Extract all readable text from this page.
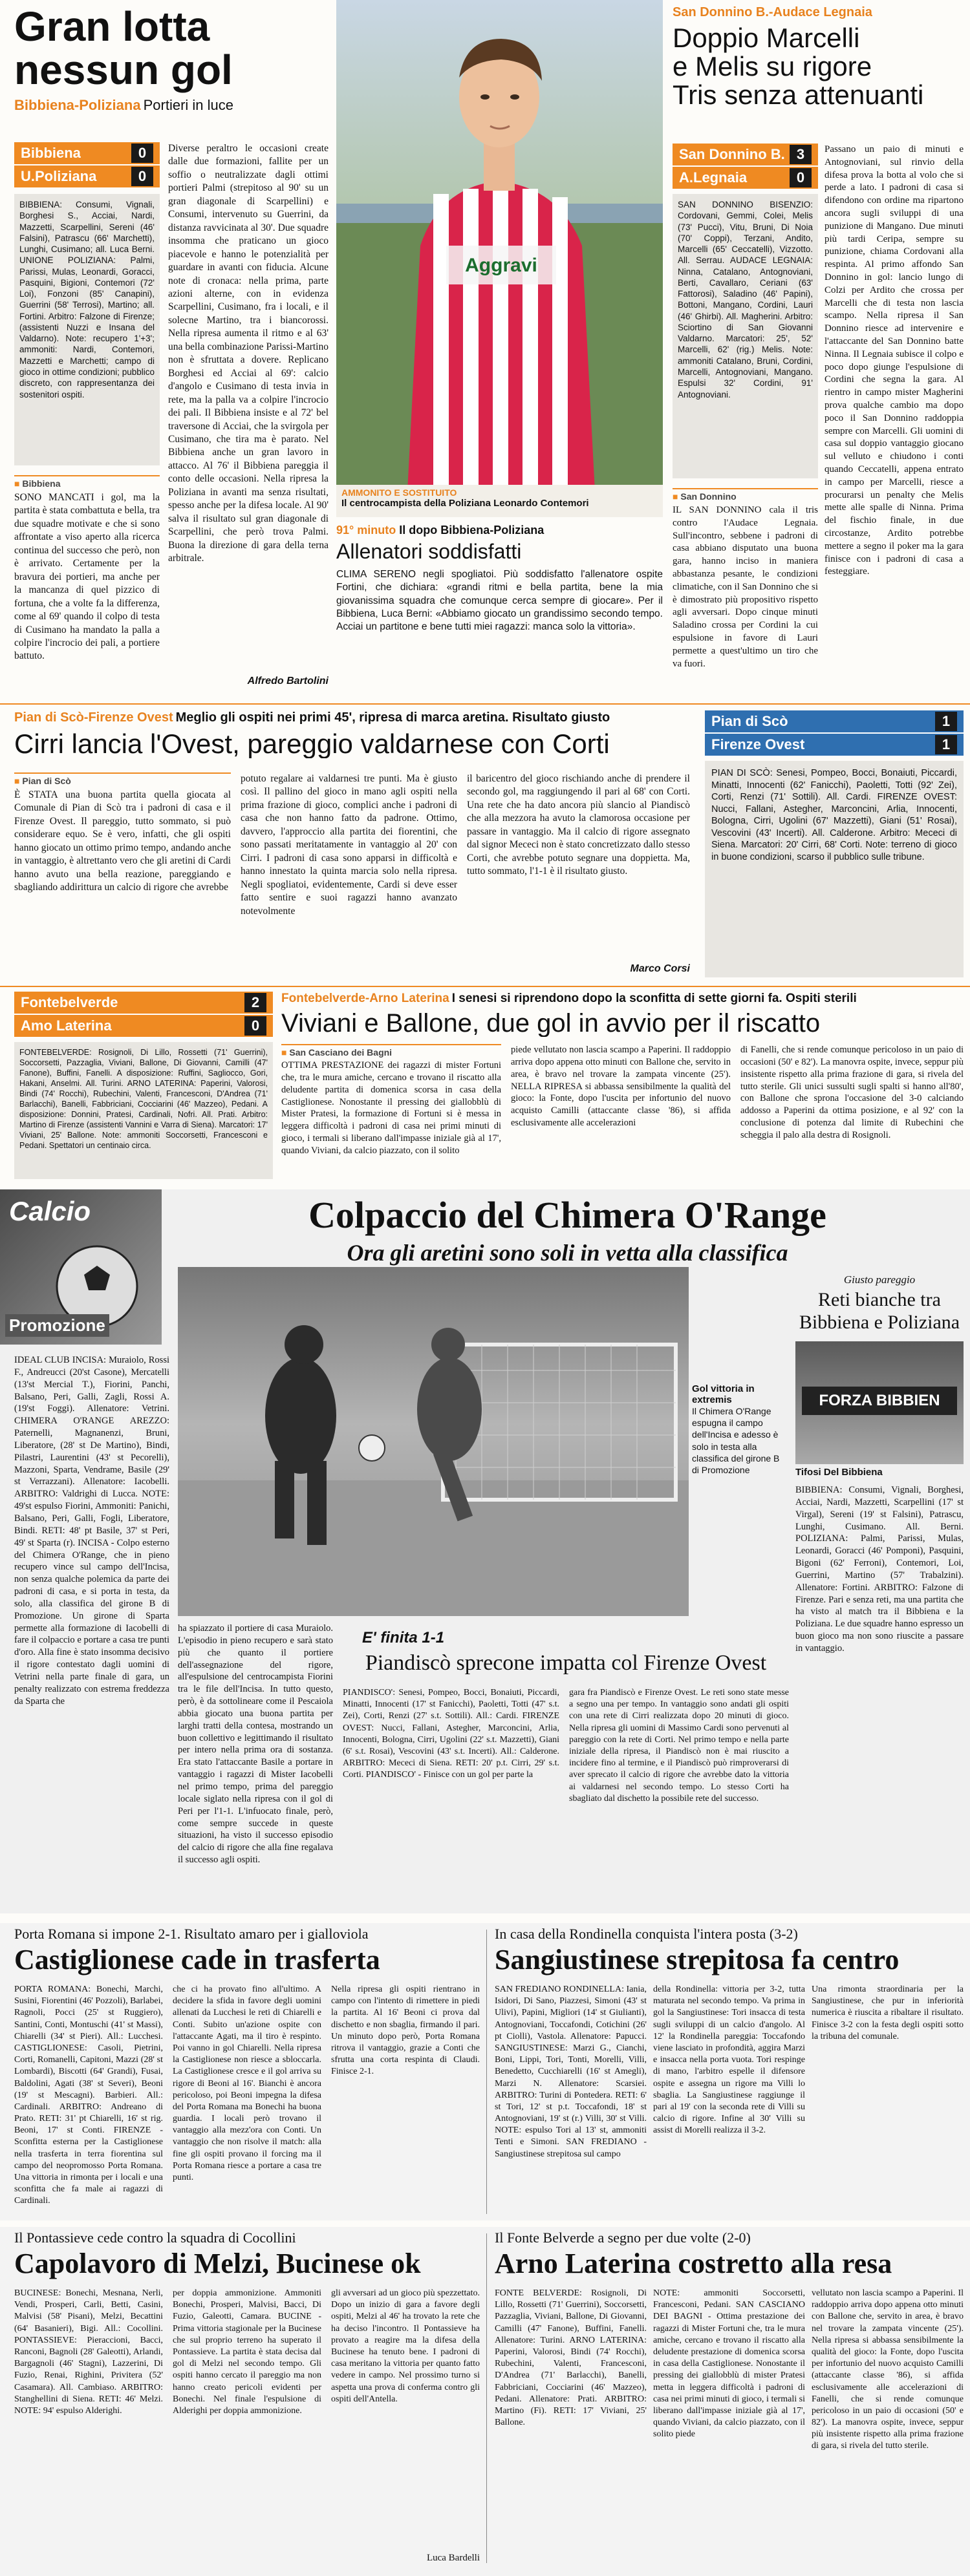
Gran lotta nessun gol
Bibbiena-Poliziana Portieri in luce
Bibbiena	0
U.Poliziana	0
BIBBIENA: Consumi, Vignali, Borghesi S., Acciai, Nardi, Mazzetti, Scarpellini, Sereni (46' Falsini), Patrascu (66' Marchetti), Lunghi, Cusimano; all. Luca Berni. UNIONE POLIZIANA: Palmi, Parissi, Mulas, Leonardi, Goracci, Pasquini, Bigioni, Contemori (72' Loi), Fonzoni (85' Canapini), Guerrini (58' Terrosi), Martino; all. Fortini. Arbitro: Falzone di Firenze; (assistenti Nuzzi e Insana del Valdarno). Note: recupero 1'+3'; ammoniti: Nardi, Contemori, Mazzetti e Marchetti; campo di gioco in ottime condizioni; pubblico discreto, con rappresentanza dei sostenitori ospiti.
■ Bibbiena
SONO MANCATI i gol, ma la partita è stata combattuta e bella, tra due squadre motivate e che si sono affrontate a viso aperto alla ricerca continua del successo che però, non è arrivato. Certamente per la bravura dei portieri, ma anche per la mancanza di quel pizzico di fortuna, che a volte fa la differenza, come al 69' quando il colpo di testa di Cusimano ha mandato la palla a colpire l'incrocio dei pali, a portiere battuto.
Diverse peraltro le occasioni create dalle due formazioni, fallite per un soffio o neutralizzate dagli ottimi portieri Palmi (strepitoso al 90' su un gran diagonale di Scarpellini) e Consumi, intervenuto su Guerrini, da distanza ravvicinata al 30'. Due squadre insomma che praticano un gioco piacevole e hanno le potenzialità per guardare in avanti con fiducia. Alcune note di cronaca: nella prima, parte azioni alterne, con in evidenza Scarpellini, Cusimano, fra i locali, e il solecne Martino, tra i biancorossi. Nella ripresa aumenta il ritmo e al 63' una bella combinazione Parissi-Martino non è sfruttata a dovere. Replicano Borghesi ed Acciai al 69': calcio d'angolo e Cusimano di testa invia in rete, ma la palla va a colpire l'incrocio dei pali. Il Bibbiena insiste e al 72' bel traversone di Acciai, che la svirgola per Cusimano, che tira ma è parato. Nel Bibbiena anche un gran lavoro in attacco. Al 76' il Bibbiena pareggia il conto delle occasioni. Nella ripresa la Poliziana in avanti ma senza risultati, spesso anche per la difesa locale. Al 90' salva il risultato sul gran diagonale di Scarpellini, che però trova Palmi. Buona la direzione di gara della terna arbitrale.
Alfredo Bartolini
Aggravi
AMMONITO E SOSTITUITO
Il centrocampista della Poliziana Leonardo Contemori
91° minuto Il dopo Bibbiena-Poliziana
Allenatori soddisfatti
CLIMA SERENO negli spogliatoi. Più soddisfatto l'allenatore ospite Fortini, che dichiara: «grandi ritmi e bella partita, bene la mia giovanissima squadra che comunque cerca sempre di giocare». Per il Bibbiena, Luca Berni: «Abbiamo giocato un grandissimo secondo tempo. Acciai un partitone e bene tutti miei ragazzi: manca solo la vittoria».
San Donnino B.-Audace Legnaia
Doppio Marcelli
e Melis su rigore
Tris senza attenuanti
San Donnino B. 3
A.Legnaia	0
SAN DONNINO BISENZIO: Cordovani, Gemmi, Colei, Melis (73' Pucci), Vitu, Bruni, Di Noia (70' Coppi), Terzani, Andito, Marcelli (65' Ceccatelli), Vizzotto. All. Serrau. AUDACE LEGNAIA: Ninna, Catalano, Antognoviani, Berti, Cavallaro, Ceriani (63' Fattorosi), Saladino (46' Papini), Bottoni, Mangano, Cordini, Lauri (46' Ghirbi). All. Magherini. Arbitro: Sciortino di San Giovanni Valdarno. Marcatori: 25', 52' Marcelli, 62' (rig.) Melis. Note: ammoniti Catalano, Bruni, Cordini, Marcelli, Antognoviani, Mangano. Espulsi 32' Cordini, 91' Antognoviani.
■ San Donnino
IL SAN DONNINO cala il tris contro l'Audace Legnaia. Sull'incontro, sebbene i padroni di casa abbiano disputato una buona gara, hanno inciso in maniera abbastanza pesante, le condizioni climatiche, con il San Donnino che si è dimostrato più propositivo rispetto agli avversari. Dopo cinque minuti Saladino crossa per Cordini la cui espulsione in favore di Lauri permette a quest'ultimo un tiro che va fuori.
Passano un paio di minuti e Antognoviani, sul rinvio della difesa prova la botta al volo che si perde a lato. I padroni di casa si difendono con ordine ma ripartono ancora sugli sviluppi di una punizione di Mangano. Due minuti più tardi Ceripa, sempre su punizione, chiama Cordovani alla respinta. Al primo affondo San Donnino in gol: lancio lungo di Colzi per Ardito che crossa per Marcelli che di testa non lascia scampo. Nella ripresa il San Donnino riesce ad intervenire e l'attaccante del San Donnino batte Ninna. Il Legnaia subisce il colpo e poco dopo giunge l'espulsione di Cordini che segna la gara. Al rientro in campo mister Magherini prova qualche cambio ma dopo poco il San Donnino raddoppia sempre con Marcelli. Gli uomini di casa sul doppio vantaggio giocano sul velluto e chiudono i conti quando Ceccatelli, appena entrato in campo per Marcelli, riesce a procurarsi un penalty che Melis mette alle spalle di Ninna. Prima del fischio finale, in due circostanze, Ardito potrebbe mettere a segno il poker ma la gara finisce con i padroni di casa a festeggiare.
Pian di Scò-Firenze Ovest Meglio gli ospiti nei primi 45', ripresa di marca aretina. Risultato giusto
Cirri lancia l'Ovest, pareggio valdarnese con Corti
■ Pian di Scò
È STATA una buona partita quella giocata al Comunale di Pian di Scò tra i padroni di casa e il Firenze Ovest. Il pareggio, tutto sommato, si può considerare equo. Se è vero, infatti, che gli ospiti hanno giocato un ottimo primo tempo, andando anche in vantaggio, è altrettanto vero che gli aretini di Cardi hanno avuto una bella reazione, pareggiando e sbagliando addirittura un calcio di rigore che avrebbe
potuto regalare ai valdarnesi tre punti. Ma è giusto così. Il pallino del gioco in mano agli ospiti nella prima frazione di gioco, complici anche i padroni di casa che non hanno fatto da padrone. Ottimo, davvero, l'approccio alla partita dei fiorentini, che sono passati meritatamente in vantaggio al 20' con Cirri. I padroni di casa sono apparsi in difficoltà e hanno innestato la quinta marcia solo nella ripresa. Negli spogliatoi, evidentemente, Cardi si deve esser fatto sentire e suoi ragazzi hanno avanzato notevolmente
il baricentro del gioco rischiando anche di prendere il secondo gol, ma raggiungendo il pari al 68' con Corti. Una rete che ha dato ancora più slancio al Piandiscò che alla mezzora ha avuto la clamorosa occasione per passare in vantaggio. Ma il calcio di rigore assegnato dal signor Mececi non è stato concretizzato dallo stesso Corti, che avrebbe potuto segnare una doppietta. Ma, tutto sommato, l'1-1 è il risultato giusto.
Marco Corsi
Pian di Scò	1
Firenze Ovest	1
PIAN DI SCÒ: Senesi, Pompeo, Bocci, Bonaiuti, Piccardi, Minatti, Innocenti (62' Fanicchi), Paoletti, Totti (92' Zei), Corti, Renzi (71' Sottili). All. Cardi. FIRENZE OVEST: Nucci, Fallani, Astegher, Marconcini, Arlia, Innocenti, Bologna, Cirri, Ugolini (67' Mazzetti), Giani (51' Rosai), Vescovini (43' Incerti). All. Calderone. Arbitro: Mececi di Siena. Marcatori: 20' Cirri, 68' Corti. Note: terreno di gioco in buone condizioni, scarso il pubblico sulle tribune.
Fontebelverde	2
Amo Laterina	0
FONTEBELVERDE: Rosignoli, Di Lillo, Rossetti (71' Guerrini), Soccorsetti, Pazzaglia, Viviani, Ballone, Di Giovanni, Camilli (47' Fanone), Buffini, Fanelli. A disposizione: Ruffini, Sagliocco, Gori, Hakani, Anselmi. All. Turini. ARNO LATERINA: Paperini, Valorosi, Bindi (74' Rocchi), Rubechini, Valenti, Francesconi, D'Andrea (71' Barlacchi), Banelli, Fabbriciani, Cocciarini (46' Mazzeo), Pedani. A disposizione: Donnini, Pratesi, Cardinali, Nofri. All. Prati. Arbitro: Martino di Firenze (assistenti Vannini e Varra di Siena). Marcatori: 17' Viviani, 25' Ballone. Note: ammoniti Soccorsetti, Francesconi e Pedani. Spettatori un centinaio circa.
Fontebelverde-Arno Laterina I senesi si riprendono dopo la sconfitta di sette giorni fa. Ospiti sterili
Viviani e Ballone, due gol in avvio per il riscatto
■ San Casciano dei Bagni
OTTIMA PRESTAZIONE dei ragazzi di mister Fortuni che, tra le mura amiche, cercano e trovano il riscatto alla deludente partita di domenica scorsa in casa della Castiglionese. Nonostante il pressing dei giallobblù di Mister Pratesi, la formazione di Fortuni si è messa in leggera difficoltà i padroni di casa nei primi minuti di gioco, i termali si liberano dall'impasse iniziale già al 17', quando Viviani, da calcio piazzato, con il solito
piede vellutato non lascia scampo a Paperini. Il raddoppio arriva dopo appena otto minuti con Ballone che, servito in area, è bravo nel trovare la zampata vincente (25'). NELLA RIPRESA si abbassa sensibilmente la qualità del gioco: la Fonte, dopo l'uscita per infortunio del nuovo acquisto Camilli (attaccante classe '86), si affida esclusivamente alle accelerazioni
di Fanelli, che si rende comunque pericoloso in un paio di occasioni (50' e 82'). La manovra ospite, invece, seppur più insistente rispetto alla prima frazione di gara, si rivela del tutto sterile. Gli unici sussulti sugli spalti si hanno all'80', con Ballone che sprona l'occasione del 3-0 calciando addosso a Paperini da ottima posizione, e al 92' con la conclusione di potenza dal limite di Rubechini che scheggia il palo alla destra di Rosignoli.
Calcio
Promozione
Colpaccio del Chimera O'Range
Ora gli aretini sono soli in vetta alla classifica
IDEAL CLUB INCISA: Muraiolo, Rossi F., Andreucci (20'st Casone), Mercatelli (13'st Mercial T.), Fiorini, Panchi, Balsano, Peri, Galli, Zagli, Rossi A. (19'st Foggi). Allenatore: Vetrini. CHIMERA O'RANGE AREZZO: Paternelli, Magnanenzi, Bruni, Liberatore, (28' st De Martino), Bindi, Pilastri, Laurentini (43' st Pecorelli), Mazzoni, Sparta, Vendrame, Basile (29' st Verrazzani). Allenatore: Iacobelli. ARBITRO: Valdrighi di Lucca. NOTE: 49'st espulso Fiorini, Ammoniti: Panichi, Balsano, Peri, Galli, Fogli, Liberatore, Bindi. RETI: 48' pt Basile, 37' st Peri, 49' st Sparta (r). INCISA - Colpo esterno del Chimera O'Range, che in pieno recupero vince sul campo dell'Incisa, non senza qualche polemica da parte dei padroni di casa, e si porta in testa, da solo, alla classifica del girone B di Promozione. Un girone di Sparta permette alla formazione di Iacobelli di fare il colpaccio e portare a casa tre punti d'oro. Alla fine è stato insomma decisivo il rigore contestato dagli uomini di Vetrini nella parte finale di gara, un penalty realizzato con estrema freddezza da Sparta che
Gol vittoria in extremis
Il Chimera O'Range espugna il campo dell'Incisa e adesso è solo in testa alla classifica del girone B di Promozione
Giusto pareggio
Reti bianche tra Bibbiena e Poliziana
FORZA BIBBIEN
Tifosi Del Bibbiena
BIBBIENA: Consumi, Vignali, Borghesi, Acciai, Nardi, Mazzetti, Scarpellini (17' st Virgal), Sereni (19' st Falsini), Patrascu, Lunghi, Cusimano. All. Berni. POLIZIANA: Palmi, Parissi, Mulas, Leonardi, Goracci (46' Pomponi), Pasquini, Bigoni (62' Ferroni), Contemori, Loi, Guerrini, Martino (57' Trabalzini). Allenatore: Fortini. ARBITRO: Falzone di Firenze. Pari e senza reti, ma una partita che ha visto al match tra il Bibbiena e la Poliziana. Le due squadre hanno espresso un buon gioco ma non sono riuscite a passare in vantaggio.
ha spiazzato il portiere di casa Muraiolo. L'episodio in pieno recupero e sarà stato più che quanto il portiere dell'assegnazione del rigore, all'espulsione del centrocampista Fiorini tra le file dell'Incisa. In tutto questo, però, è da sottolineare come il Pescaiola abbia giocato una buona partita per larghi tratti della contesa, mostrando un buon collettivo e legittimando il risultato per intero nella prima ora di sostanza. Era stato l'attaccante Basile a portare in vantaggio i ragazzi di Mister Iacobelli nel primo tempo, prima del pareggio locale siglato nella ripresa con il gol di Peri per l'1-1. L'infuocato finale, però, come sempre succede in queste situazioni, ha visto il successo episodio del calcio di rigore che alla fine regalava il successo agli ospiti.
E' finita 1-1
Piandiscò sprecone impatta col Firenze Ovest
PIANDISCO': Senesi, Pompeo, Bocci, Bonaiuti, Piccardi, Minatti, Innocenti (17' st Fanicchi), Paoletti, Totti (47' s.t. Zei), Corti, Renzi (27' s.t. Sottili). All.: Cardi. FIRENZE OVEST: Nucci, Fallani, Astegher, Marconcini, Arlia, Innocenti, Bologna, Cirri, Ugolini (22' s.t. Mazzetti), Giani (6' s.t. Rosai), Vescovini (43' s.t. Incerti). All.: Calderone. ARBITRO: Mececi di Siena. RETI: 20' p.t. Cirri, 29' s.t. Corti. PIANDISCO' - Finisce con un gol per parte la
gara fra Piandiscò e Firenze Ovest. Le reti sono state messe a segno una per tempo. In vantaggio sono andati gli ospiti con una rete di Cirri realizzata dopo 20 minuti di gioco. Nella ripresa gli uomini di Massimo Cardi sono pervenuti al pareggio con la rete di Corti. Nel primo tempo e nella parte iniziale della ripresa, il Piandiscò non è mai riuscito a incidere fino al termine, e il Piandiscò può rimproverarsi di aver sprecato il calcio di rigore che avrebbe dato la vittoria ai valdarnesi nel secondo tempo. Lo stesso Corti ha sbagliato dal dischetto la possibile rete del successo.
Porta Romana si impone 2-1. Risultato amaro per i gialloviola
Castiglionese cade in trasferta
PORTA ROMANA: Bonechi, Marchi, Susini, Fiorentini (46' Pozzoli), Barlabei, Ragnoli, Pocci (25' st Ruggiero), Santini, Conti, Montuschi (41' st Massi), Chiarelli (34' st Pieri). All.: Lucchesi. CASTIGLIONESE: Casoli, Pietrini, Corti, Romanelli, Capitoni, Mazzi (28' st Lombardi), Biscotti (64' Grandi), Fusai, Baldolini, Agati (38' st Severi), Beoni (19' st Mescagni). Barbieri. All.: Cardinali. ARBITRO: Andreano di Prato. RETI: 31' pt Chiarelli, 16' st rig. Beoni, 17' st Conti. FIRENZE - Sconfitta esterna per la Castiglionese nella trasferta in terra fiorentina sul campo del neopromosso Porta Romana. Una vittoria in rimonta per i locali e una sconfitta che fa male ai ragazzi di Cardinali.
che ci ha provato fino all'ultimo. A decidere la sfida in favore degli uomini allenati da Lucchesi le reti di Chiarelli e Conti. Subito un'azione ospite con l'attaccante Agati, ma il tiro è respinto. Poi vanno in gol Chiarelli. Nella ripresa la Castiglionese non riesce a sbloccarla. La Castiglionese cresce e il gol arriva su rigore di Beoni al 16'. Bianchi è ancora pericoloso, poi Beoni impegna la difesa del Porta Romana ma Bonechi ha buona guardia. I locali però trovano il vantaggio alla mezz'ora con Conti. Un vantaggio che non risolve il match: alla fine gli ospiti provano il forcing ma il Porta Romana riesce a portare a casa tre punti.
Nella ripresa gli ospiti rientrano in campo con l'intento di rimettere in piedi la partita. Al 16' Beoni ci prova dal dischetto e non sbaglia, firmando il pari. Un minuto dopo però, Porta Romana ritrova il vantaggio, grazie a Conti che sfrutta una corta respinta di Claudi. Finisce 2-1.
In casa della Rondinella conquista l'intera posta (3-2)
Sangiustinese strepitosa fa centro
SAN FREDIANO RONDINELLA: Iania, Isidori, Di Sano, Piazzesi, Simoni (43' st Ulivi), Papini, Migliori (14' st Giulianti), Antognoviani, Toccafondi, Cotichini (26' pt Ciolli), Vastola. Allenatore: Papucci. SANGIUSTINESE: Marzi G., Cianchi, Boni, Lippi, Tori, Tonti, Morelli, Villi, Benedetto, Cucchiarelli (16' st Amegli), Marzi N. Allenatore: Scarsiei. ARBITRO: Turini di Pontedera. RETI: 6' st Tori, 12' st p.t. Toccafondi, 18' st Antognoviani, 19' st (r.) Villi, 30' st Villi. NOTE: espulso Tori al 13' st, ammoniti Tenti e Simoni. SAN FREDIANO - Sangiustinese strepitosa sul campo
della Rondinella: vittoria per 3-2, tutta maturata nel secondo tempo. Va prima in gol la Sangiustinese: Tori insacca di testa sugli sviluppi di un calcio d'angolo. Al 12' la Rondinella pareggia: Toccafondo viene lasciato in profondità, aggira Marzi e insacca nella porta vuota. Tori respinge di mano, l'arbitro espelle il difensore ospite e assegna un rigore ma Villi lo sbaglia. La Sangiustinese raggiunge il pari al 19' con la seconda rete di Villi su calcio di rigore. Infine al 30' Villi su assist di Morelli realizza il 3-2.
Una rimonta straordinaria per la Sangiustinese, che pur in inferiorità numerica è riuscita a ribaltare il risultato. Finisce 3-2 con la festa degli ospiti sotto la tribuna del comunale.
Il Pontassieve cede contro la squadra di Cocollini
Capolavoro di Melzi, Bucinese ok
BUCINESE: Bonechi, Mesnana, Nerli, Vendi, Prosperi, Carli, Betti, Casini, Malvisi (58' Pisani), Melzi, Becattini (64' Basanieri), Bigi. All.: Cocollini. PONTASSIEVE: Pieraccioni, Bacci, Ranconi, Bagnoli (28' Galeotti), Arlandi, Bargagnoli (46' Stagni), Lazzerini, Di Fuzio, Renai, Righini, Privitera (52' Casamara). All. Cambiaso. ARBITRO: Stanghellini di Siena. RETI: 46' Melzi. NOTE: 94' espulso Alderighi.
per doppia ammonizione. Ammoniti Bonechi, Prosperi, Malvisi, Bacci, Di Fuzio, Galeotti, Camara. BUCINE - Prima vittoria stagionale per la Bucinese che sul proprio terreno ha superato il Pontassieve. La partita è stata decisa dal gol di Melzi nel secondo tempo. Gli ospiti hanno cercato il pareggio ma non hanno creato pericoli evidenti per Bonechi. Nel finale l'espulsione di Alderighi per doppia ammonizione.
gli avversari ad un gioco più spezzettato. Dopo un inizio di gara a favore degli ospiti, Melzi al 46' ha trovato la rete che ha deciso l'incontro. Il Pontassieve ha provato a reagire ma la difesa della Bucinese ha tenuto bene. I padroni di casa meritano la vittoria per quanto fatto vedere in campo. Nel prossimo turno si aspetta una prova di conferma contro gli ospiti dell'Antella.
Luca Bardelli
Il Fonte Belverde a segno per due volte (2-0)
Arno Laterina costretto alla resa
FONTE BELVERDE: Rosignoli, Di Lillo, Rossetti (71' Guerrini), Soccorsetti, Pazzaglia, Viviani, Ballone, Di Giovanni, Camilli (47' Fanone), Buffini, Fanelli. Allenatore: Turini. ARNO LATERINA: Paperini, Valorosi, Bindi (74' Rocchi), Rubechini, Valenti, Francesconi, D'Andrea (71' Barlacchi), Banelli, Fabbriciani, Cocciarini (46' Mazzeo), Pedani. Allenatore: Prati. ARBITRO: Martino (Fi). RETI: 17' Viviani, 25' Ballone.
NOTE: ammoniti Soccorsetti, Francesconi, Pedani. SAN CASCIANO DEI BAGNI - Ottima prestazione dei ragazzi di Mister Fortuni che, tra le mura amiche, cercano e trovano il riscatto alla deludente prestazione di domenica scorsa in casa della Castiglionese. Nonostante il pressing dei giallobblù di mister Pratesi metta in leggera difficoltà i padroni di casa nei primi minuti di gioco, i termali si liberano dall'impasse iniziale già al 17', quando Viviani, da calcio piazzato, con il solito piede
vellutato non lascia scampo a Paperini. Il raddoppio arriva dopo appena otto minuti con Ballone che, servito in area, è bravo nel trovare la zampata vincente (25'). Nella ripresa si abbassa sensibilmente la qualità del gioco: la Fonte, dopo l'uscita per infortunio del nuovo acquisto Camilli (attaccante classe '86), si affida esclusivamente alle accelerazioni di Fanelli, che si rende comunque pericoloso in un paio di occasioni (50' e 82'). La manovra ospite, invece, seppur più insistente rispetto alla prima frazione di gara, si rivela del tutto sterile.
